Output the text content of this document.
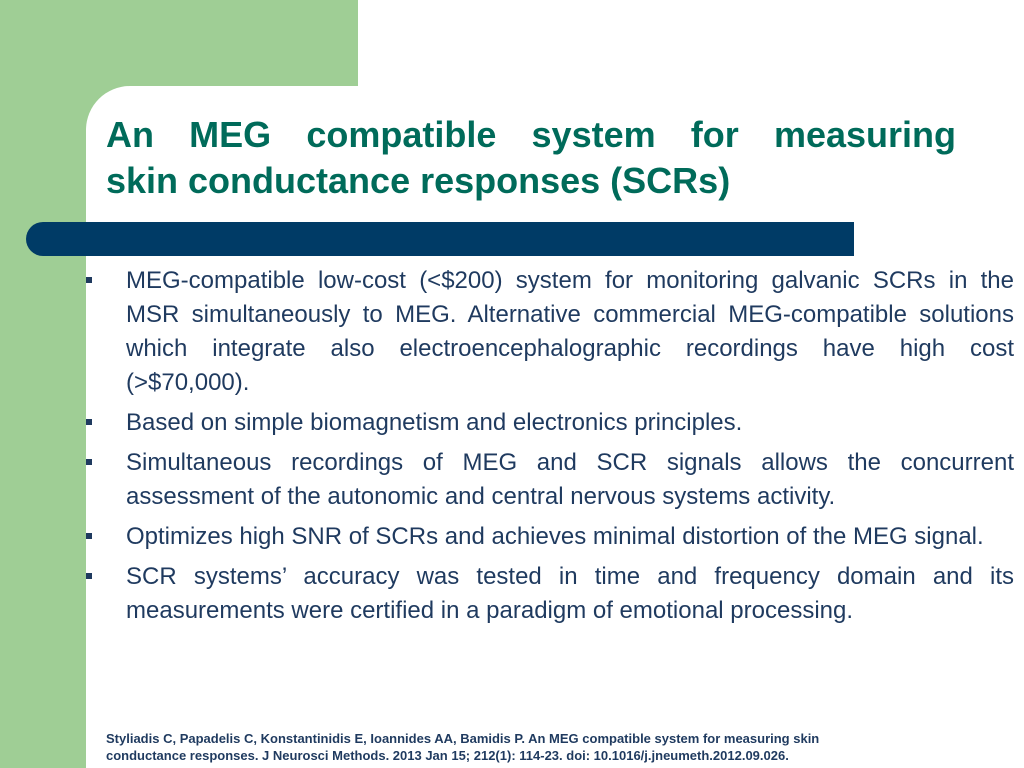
An MEG compatible system for measuring
skin conductance responses (SCRs)
MEG-compatible low-cost (<$200) system for monitoring galvanic SCRs in the MSR simultaneously to MEG. Alternative commercial MEG-compatible solutions which integrate also electroencephalographic recordings have high cost (>$70,000).
Based on simple biomagnetism and electronics principles.
Simultaneous recordings of MEG and SCR signals allows the concurrent assessment of the autonomic and central nervous systems activity.
Optimizes high SNR of SCRs and achieves minimal distortion of the MEG signal.
SCR systems’ accuracy was tested in time and frequency domain and its measurements were certified in a paradigm of emotional processing.

Styliadis C, Papadelis C, Konstantinidis E, Ioannides AA, Bamidis P. An MEG compatible system for measuring skin
conductance responses. J Neurosci Methods. 2013 Jan 15; 212(1): 114-23. doi: 10.1016/j.jneumeth.2012.09.026.
